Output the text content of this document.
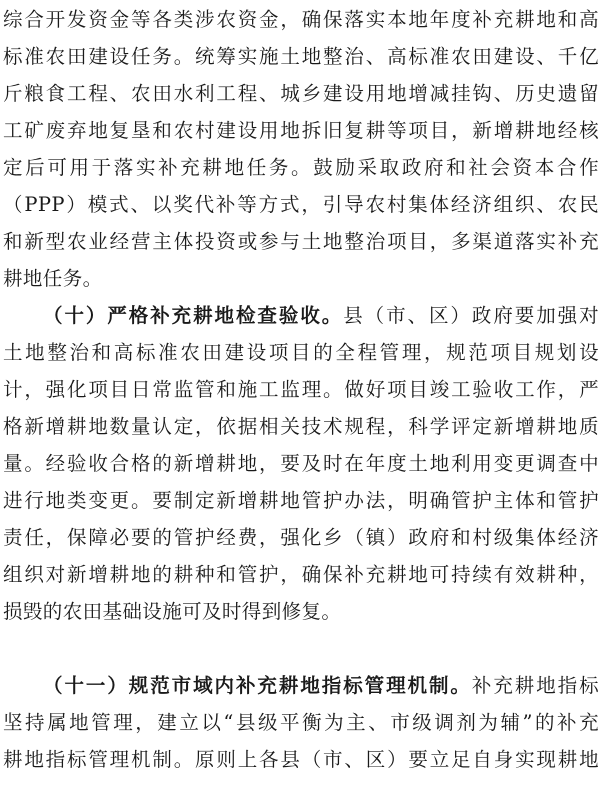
综合开发资金等各类涉农资金，确保落实本地年度补充耕地和高
标准农田建设任务。统筹实施土地整治、高标准农田建设、千亿
斤粮食工程、农田水利工程、城乡建设用地增减挂钩、历史遗留
工矿废弃地复垦和农村建设用地拆旧复耕等项目，新增耕地经核
定后可用于落实补充耕地任务。鼓励采取政府和社会资本合作
（PPP）模式、以奖代补等方式，引导农村集体经济组织、农民
和新型农业经营主体投资或参与土地整治项目，多渠道落实补充
耕地任务。
（十）严格补充耕地检查验收。县（市、区）政府要加强对
土地整治和高标准农田建设项目的全程管理，规范项目规划设
计，强化项目日常监管和施工监理。做好项目竣工验收工作，严
格新增耕地数量认定，依据相关技术规程，科学评定新增耕地质
量。经验收合格的新增耕地，要及时在年度土地利用变更调查中
进行地类变更。要制定新增耕地管护办法，明确管护主体和管护
责任，保障必要的管护经费，强化乡（镇）政府和村级集体经济
组织对新增耕地的耕种和管护，确保补充耕地可持续有效耕种，
损毁的农田基础设施可及时得到修复。
（十一）规范市域内补充耕地指标管理机制。补充耕地指标
坚持属地管理，建立以“县级平衡为主、市级调剂为辅”的补充
耕地指标管理机制。原则上各县（市、区）要立足自身实现耕地
